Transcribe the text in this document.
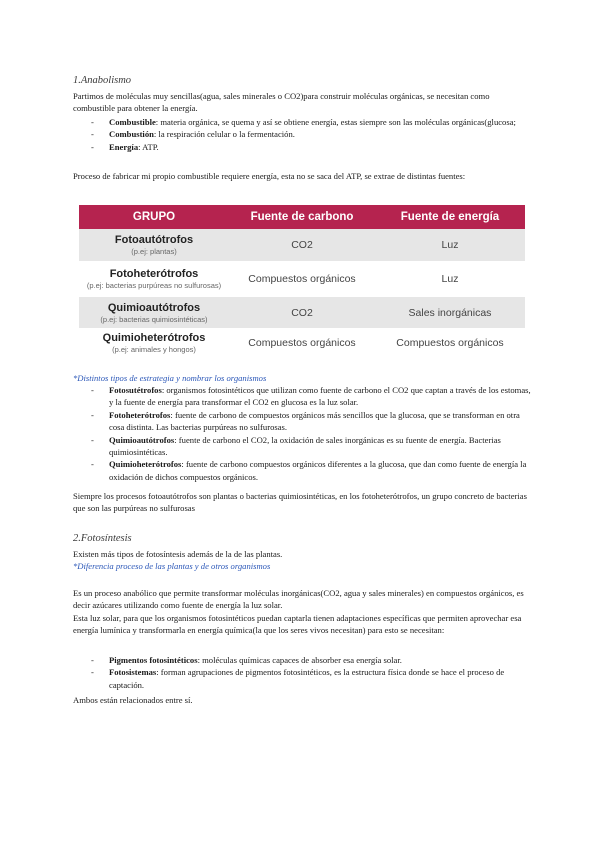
1.Anabolismo
Partimos de moléculas muy sencillas(agua, sales minerales o CO2)para construir moléculas orgánicas, se necesitan como combustible para obtener la energía.
- Combustible: materia orgánica, se quema y así se obtiene energía, estas siempre son las moléculas orgánicas(glucosa;
- Combustión: la respiración celular o la fermentación.
- Energía: ATP.
Proceso de fabricar mi propio combustible requiere energía, esta no se saca del ATP, se extrae de distintas fuentes:
GRUPO	Fuente de carbono	Fuente de energía

Fotoautótrofos
(p.ej: plantas)	CO2	Luz

Fotoheterótrofos
(p.ej: bacterias purpúreas no sulfurosas)	Compuestos orgánicos	Luz

Quimioautótrofos
(p.ej: bacterias quimiosintéticas)	CO2	Sales inorgánicas

Quimioheterótrofos
(p.ej: animales y hongos)	Compuestos orgánicos	Compuestos orgánicos
*Distintos tipos de estrategia y nombrar los organismos
- Fotosutétrofos: organismos fotosintéticos que utilizan como fuente de carbono el CO2 que captan a través de los estomas, y la fuente de energía para transformar el CO2 en glucosa es la luz solar.
- Fotoheterótrofos: fuente de carbono de compuestos orgánicos más sencillos que la glucosa, que se transforman en otra cosa distinta. Las bacterias purpúreas no sulfurosas.
- Quimioautótrofos: fuente de carbono el CO2, la oxidación de sales inorgánicas es su fuente de energía. Bacterias quimiosintéticas.
- Quimioheterótrofos: fuente de carbono compuestos orgánicos diferentes a la glucosa, que dan como fuente de energía la oxidación de dichos compuestos orgánicos.
Siempre los procesos fotoautótrofos son plantas o bacterias quimiosintéticas, en los fotoheterótrofos, un grupo concreto de bacterias que son las purpúreas no sulfurosas
2.Fotosíntesis
Existen más tipos de fotosíntesis además de la de las plantas.
*Diferencia proceso de las plantas y de otros organismos
Es un proceso anabólico que permite transformar moléculas inorgánicas(CO2, agua y sales minerales) en compuestos orgánicos, es decir azúcares utilizando como fuente de energía la luz solar.
Esta luz solar, para que los organismos fotosintéticos puedan captarla tienen adaptaciones específicas que permiten aprovechar esa energía lumínica y transformarla en energía química(la que los seres vivos necesitan) para esto se necesitan:
- Pigmentos fotosintéticos: moléculas químicas capaces de absorber esa energía solar.
- Fotosistemas: forman agrupaciones de pigmentos fotosintéticos, es la estructura física donde se hace el proceso de captación.
Ambos están relacionados entre sí.
